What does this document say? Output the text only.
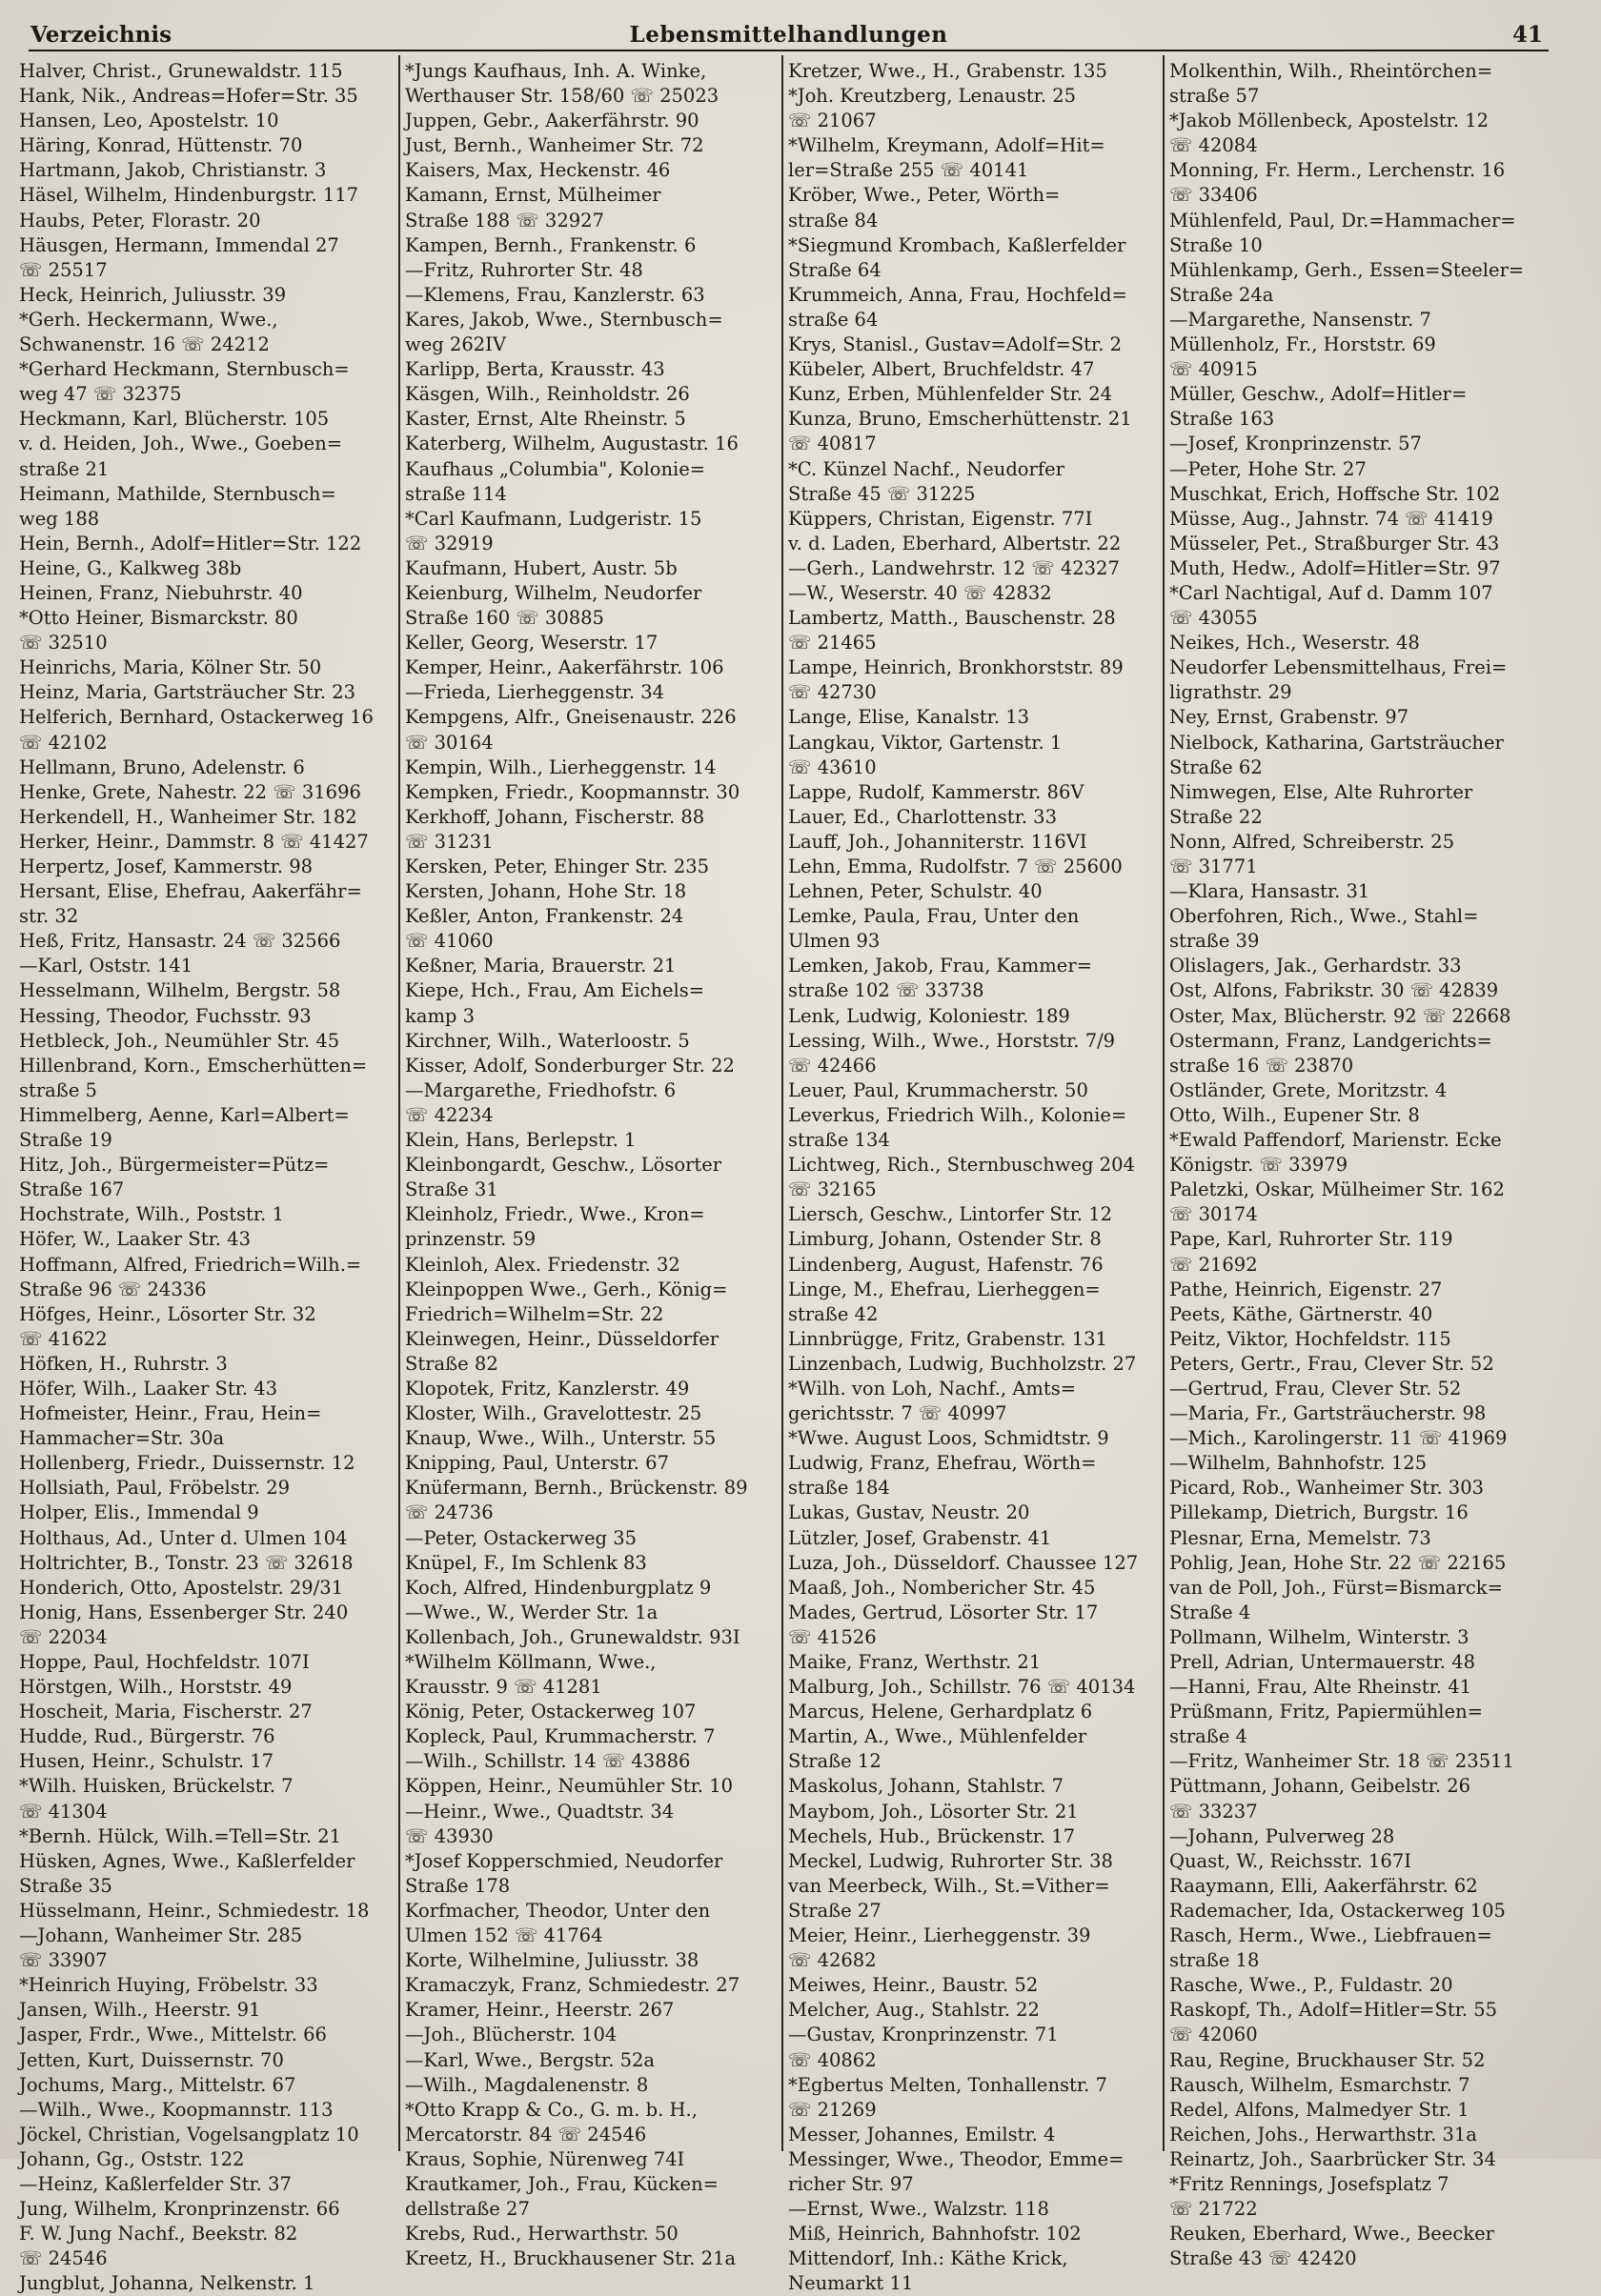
Verzeichnis	Lebensmittelhandlungen	41
Halver, Christ., Grunewaldstr. 115
Hank, Nik., Andreas=Hofer=Str. 35
Hansen, Leo, Apostelstr. 10
Häring, Konrad, Hüttenstr. 70
Hartmann, Jakob, Christianstr. 3
Häsel, Wilhelm, Hindenburgstr. 117
Haubs, Peter, Florastr. 20
Häusgen, Hermann, Immendal 27
☏ 25517
Heck, Heinrich, Juliusstr. 39
*Gerh. Heckermann, Wwe.,
Schwanenstr. 16 ☏ 24212
*Gerhard Heckmann, Sternbusch=
weg 47 ☏ 32375
Heckmann, Karl, Blücherstr. 105
v. d. Heiden, Joh., Wwe., Goeben=
straße 21
Heimann, Mathilde, Sternbusch=
weg 188
Hein, Bernh., Adolf=Hitler=Str. 122
Heine, G., Kalkweg 38b
Heinen, Franz, Niebuhrstr. 40
*Otto Heiner, Bismarckstr. 80
☏ 32510
Heinrichs, Maria, Kölner Str. 50
Heinz, Maria, Gartsträucher Str. 23
Helferich, Bernhard, Ostackerweg 16
☏ 42102
Hellmann, Bruno, Adelenstr. 6
Henke, Grete, Nahestr. 22 ☏ 31696
Herkendell, H., Wanheimer Str. 182
Herker, Heinr., Dammstr. 8 ☏ 41427
Herpertz, Josef, Kammerstr. 98
Hersant, Elise, Ehefrau, Aakerfähr=
str. 32
Heß, Fritz, Hansastr. 24 ☏ 32566
—Karl, Oststr. 141
Hesselmann, Wilhelm, Bergstr. 58
Hessing, Theodor, Fuchsstr. 93
Hetbleck, Joh., Neumühler Str. 45
Hillenbrand, Korn., Emscherhütten=
straße 5
Himmelberg, Aenne, Karl=Albert=
Straße 19
Hitz, Joh., Bürgermeister=Pütz=
Straße 167
Hochstrate, Wilh., Poststr. 1
Höfer, W., Laaker Str. 43
Hoffmann, Alfred, Friedrich=Wilh.=
Straße 96 ☏ 24336
Höfges, Heinr., Lösorter Str. 32
☏ 41622
Höfken, H., Ruhrstr. 3
Höfer, Wilh., Laaker Str. 43
Hofmeister, Heinr., Frau, Hein=
Hammacher=Str. 30a
Hollenberg, Friedr., Duissernstr. 12
Hollsiath, Paul, Fröbelstr. 29
Holper, Elis., Immendal 9
Holthaus, Ad., Unter d. Ulmen 104
Holtrichter, B., Tonstr. 23 ☏ 32618
Honderich, Otto, Apostelstr. 29/31
Honig, Hans, Essenberger Str. 240
☏ 22034
Hoppe, Paul, Hochfeldstr. 107I
Hörstgen, Wilh., Horststr. 49
Hoscheit, Maria, Fischerstr. 27
Hudde, Rud., Bürgerstr. 76
Husen, Heinr., Schulstr. 17
*Wilh. Huisken, Brückelstr. 7
☏ 41304
*Bernh. Hülck, Wilh.=Tell=Str. 21
Hüsken, Agnes, Wwe., Kaßlerfelder
Straße 35
Hüsselmann, Heinr., Schmiedestr. 18
—Johann, Wanheimer Str. 285
☏ 33907
*Heinrich Huying, Fröbelstr. 33
Jansen, Wilh., Heerstr. 91
Jasper, Frdr., Wwe., Mittelstr. 66
Jetten, Kurt, Duissernstr. 70
Jochums, Marg., Mittelstr. 67
—Wilh., Wwe., Koopmannstr. 113
Jöckel, Christian, Vogelsangplatz 10
Johann, Gg., Oststr. 122
—Heinz, Kaßlerfelder Str. 37
Jung, Wilhelm, Kronprinzenstr. 66
F. W. Jung Nachf., Beekstr. 82
☏ 24546
Jungblut, Johanna, Nelkenstr. 1
*Jungs Kaufhaus, Inh. A. Winke,
Werthauser Str. 158/60 ☏ 25023
Juppen, Gebr., Aakerfährstr. 90
Just, Bernh., Wanheimer Str. 72
Kaisers, Max, Heckenstr. 46
Kamann, Ernst, Mülheimer
Straße 188 ☏ 32927
Kampen, Bernh., Frankenstr. 6
—Fritz, Ruhrorter Str. 48
—Klemens, Frau, Kanzlerstr. 63
Kares, Jakob, Wwe., Sternbusch=
weg 262IV
Karlipp, Berta, Krausstr. 43
Käsgen, Wilh., Reinholdstr. 26
Kaster, Ernst, Alte Rheinstr. 5
Katerberg, Wilhelm, Augustastr. 16
Kaufhaus „Columbia", Kolonie=
straße 114
*Carl Kaufmann, Ludgeristr. 15
☏ 32919
Kaufmann, Hubert, Austr. 5b
Keienburg, Wilhelm, Neudorfer
Straße 160 ☏ 30885
Keller, Georg, Weserstr. 17
Kemper, Heinr., Aakerfährstr. 106
—Frieda, Lierheggenstr. 34
Kempgens, Alfr., Gneisenaustr. 226
☏ 30164
Kempin, Wilh., Lierheggenstr. 14
Kempken, Friedr., Koopmannstr. 30
Kerkhoff, Johann, Fischerstr. 88
☏ 31231
Kersken, Peter, Ehinger Str. 235
Kersten, Johann, Hohe Str. 18
Keßler, Anton, Frankenstr. 24
☏ 41060
Keßner, Maria, Brauerstr. 21
Kiepe, Hch., Frau, Am Eichels=
kamp 3
Kirchner, Wilh., Waterloostr. 5
Kisser, Adolf, Sonderburger Str. 22
—Margarethe, Friedhofstr. 6
☏ 42234
Klein, Hans, Berlepstr. 1
Kleinbongardt, Geschw., Lösorter
Straße 31
Kleinholz, Friedr., Wwe., Kron=
prinzenstr. 59
Kleinloh, Alex. Friedenstr. 32
Kleinpoppen Wwe., Gerh., König=
Friedrich=Wilhelm=Str. 22
Kleinwegen, Heinr., Düsseldorfer
Straße 82
Klopotek, Fritz, Kanzlerstr. 49
Kloster, Wilh., Gravelottestr. 25
Knaup, Wwe., Wilh., Unterstr. 55
Knipping, Paul, Unterstr. 67
Knüfermann, Bernh., Brückenstr. 89
☏ 24736
—Peter, Ostackerweg 35
Knüpel, F., Im Schlenk 83
Koch, Alfred, Hindenburgplatz 9
—Wwe., W., Werder Str. 1a
Kollenbach, Joh., Grunewaldstr. 93I
*Wilhelm Köllmann, Wwe.,
Krausstr. 9 ☏ 41281
König, Peter, Ostackerweg 107
Kopleck, Paul, Krummacherstr. 7
—Wilh., Schillstr. 14 ☏ 43886
Köppen, Heinr., Neumühler Str. 10
—Heinr., Wwe., Quadtstr. 34
☏ 43930
*Josef Kopperschmied, Neudorfer
Straße 178
Korfmacher, Theodor, Unter den
Ulmen 152 ☏ 41764
Korte, Wilhelmine, Juliusstr. 38
Kramaczyk, Franz, Schmiedestr. 27
Kramer, Heinr., Heerstr. 267
—Joh., Blücherstr. 104
—Karl, Wwe., Bergstr. 52a
—Wilh., Magdalenenstr. 8
*Otto Krapp & Co., G. m. b. H.,
Mercatorstr. 84 ☏ 24546
Kraus, Sophie, Nürenweg 74I
Krautkamer, Joh., Frau, Kücken=
dellstraße 27
Krebs, Rud., Herwarthstr. 50
Kreetz, H., Bruckhausener Str. 21a
Kretzer, Wwe., H., Grabenstr. 135
*Joh. Kreutzberg, Lenaustr. 25
☏ 21067
*Wilhelm, Kreymann, Adolf=Hit=
ler=Straße 255 ☏ 40141
Kröber, Wwe., Peter, Wörth=
straße 84
*Siegmund Krombach, Kaßlerfelder
Straße 64
Krummeich, Anna, Frau, Hochfeld=
straße 64
Krys, Stanisl., Gustav=Adolf=Str. 2
Kübeler, Albert, Bruchfeldstr. 47
Kunz, Erben, Mühlenfelder Str. 24
Kunza, Bruno, Emscherhüttenstr. 21
☏ 40817
*C. Künzel Nachf., Neudorfer
Straße 45 ☏ 31225
Küppers, Christan, Eigenstr. 77I
v. d. Laden, Eberhard, Albertstr. 22
—Gerh., Landwehrstr. 12 ☏ 42327
—W., Weserstr. 40 ☏ 42832
Lambertz, Matth., Bauschenstr. 28
☏ 21465
Lampe, Heinrich, Bronkhorststr. 89
☏ 42730
Lange, Elise, Kanalstr. 13
Langkau, Viktor, Gartenstr. 1
☏ 43610
Lappe, Rudolf, Kammerstr. 86V
Lauer, Ed., Charlottenstr. 33
Lauff, Joh., Johanniterstr. 116VI
Lehn, Emma, Rudolfstr. 7 ☏ 25600
Lehnen, Peter, Schulstr. 40
Lemke, Paula, Frau, Unter den
Ulmen 93
Lemken, Jakob, Frau, Kammer=
straße 102 ☏ 33738
Lenk, Ludwig, Koloniestr. 189
Lessing, Wilh., Wwe., Horststr. 7/9
☏ 42466
Leuer, Paul, Krummacherstr. 50
Leverkus, Friedrich Wilh., Kolonie=
straße 134
Lichtweg, Rich., Sternbuschweg 204
☏ 32165
Liersch, Geschw., Lintorfer Str. 12
Limburg, Johann, Ostender Str. 8
Lindenberg, August, Hafenstr. 76
Linge, M., Ehefrau, Lierheggen=
straße 42
Linnbrügge, Fritz, Grabenstr. 131
Linzenbach, Ludwig, Buchholzstr. 27
*Wilh. von Loh, Nachf., Amts=
gerichtsstr. 7 ☏ 40997
*Wwe. August Loos, Schmidtstr. 9
Ludwig, Franz, Ehefrau, Wörth=
straße 184
Lukas, Gustav, Neustr. 20
Lützler, Josef, Grabenstr. 41
Luza, Joh., Düsseldorf. Chaussee 127
Maaß, Joh., Nombericher Str. 45
Mades, Gertrud, Lösorter Str. 17
☏ 41526
Maike, Franz, Werthstr. 21
Malburg, Joh., Schillstr. 76 ☏ 40134
Marcus, Helene, Gerhardplatz 6
Martin, A., Wwe., Mühlenfelder
Straße 12
Maskolus, Johann, Stahlstr. 7
Maybom, Joh., Lösorter Str. 21
Mechels, Hub., Brückenstr. 17
Meckel, Ludwig, Ruhrorter Str. 38
van Meerbeck, Wilh., St.=Vither=
Straße 27
Meier, Heinr., Lierheggenstr. 39
☏ 42682
Meiwes, Heinr., Baustr. 52
Melcher, Aug., Stahlstr. 22
—Gustav, Kronprinzenstr. 71
☏ 40862
*Egbertus Melten, Tonhallenstr. 7
☏ 21269
Messer, Johannes, Emilstr. 4
Messinger, Wwe., Theodor, Emme=
richer Str. 97
—Ernst, Wwe., Walzstr. 118
Miß, Heinrich, Bahnhofstr. 102
Mittendorf, Inh.: Käthe Krick,
Neumarkt 11
Molkenthin, Wilh., Rheintörchen=
straße 57
*Jakob Möllenbeck, Apostelstr. 12
☏ 42084
Monning, Fr. Herm., Lerchenstr. 16
☏ 33406
Mühlenfeld, Paul, Dr.=Hammacher=
Straße 10
Mühlenkamp, Gerh., Essen=Steeler=
Straße 24a
—Margarethe, Nansenstr. 7
Müllenholz, Fr., Horststr. 69
☏ 40915
Müller, Geschw., Adolf=Hitler=
Straße 163
—Josef, Kronprinzenstr. 57
—Peter, Hohe Str. 27
Muschkat, Erich, Hoffsche Str. 102
Müsse, Aug., Jahnstr. 74 ☏ 41419
Müsseler, Pet., Straßburger Str. 43
Muth, Hedw., Adolf=Hitler=Str. 97
*Carl Nachtigal, Auf d. Damm 107
☏ 43055
Neikes, Hch., Weserstr. 48
Neudorfer Lebensmittelhaus, Frei=
ligrathstr. 29
Ney, Ernst, Grabenstr. 97
Nielbock, Katharina, Gartsträucher
Straße 62
Nimwegen, Else, Alte Ruhrorter
Straße 22
Nonn, Alfred, Schreiberstr. 25
☏ 31771
—Klara, Hansastr. 31
Oberfohren, Rich., Wwe., Stahl=
straße 39
Olislagers, Jak., Gerhardstr. 33
Ost, Alfons, Fabrikstr. 30 ☏ 42839
Oster, Max, Blücherstr. 92 ☏ 22668
Ostermann, Franz, Landgerichts=
straße 16 ☏ 23870
Ostländer, Grete, Moritzstr. 4
Otto, Wilh., Eupener Str. 8
*Ewald Paffendorf, Marienstr. Ecke
Königstr. ☏ 33979
Paletzki, Oskar, Mülheimer Str. 162
☏ 30174
Pape, Karl, Ruhrorter Str. 119
☏ 21692
Pathe, Heinrich, Eigenstr. 27
Peets, Käthe, Gärtnerstr. 40
Peitz, Viktor, Hochfeldstr. 115
Peters, Gertr., Frau, Clever Str. 52
—Gertrud, Frau, Clever Str. 52
—Maria, Fr., Gartsträucherstr. 98
—Mich., Karolingerstr. 11 ☏ 41969
—Wilhelm, Bahnhofstr. 125
Picard, Rob., Wanheimer Str. 303
Pillekamp, Dietrich, Burgstr. 16
Plesnar, Erna, Memelstr. 73
Pohlig, Jean, Hohe Str. 22 ☏ 22165
van de Poll, Joh., Fürst=Bismarck=
Straße 4
Pollmann, Wilhelm, Winterstr. 3
Prell, Adrian, Untermauerstr. 48
—Hanni, Frau, Alte Rheinstr. 41
Prüßmann, Fritz, Papiermühlen=
straße 4
—Fritz, Wanheimer Str. 18 ☏ 23511
Püttmann, Johann, Geibelstr. 26
☏ 33237
—Johann, Pulverweg 28
Quast, W., Reichsstr. 167I
Raaymann, Elli, Aakerfährstr. 62
Rademacher, Ida, Ostackerweg 105
Rasch, Herm., Wwe., Liebfrauen=
straße 18
Rasche, Wwe., P., Fuldastr. 20
Raskopf, Th., Adolf=Hitler=Str. 55
☏ 42060
Rau, Regine, Bruckhauser Str. 52
Rausch, Wilhelm, Esmarchstr. 7
Redel, Alfons, Malmedyer Str. 1
Reichen, Johs., Herwarthstr. 31a
Reinartz, Joh., Saarbrücker Str. 34
*Fritz Rennings, Josefsplatz 7
☏ 21722
Reuken, Eberhard, Wwe., Beecker
Straße 43 ☏ 42420
